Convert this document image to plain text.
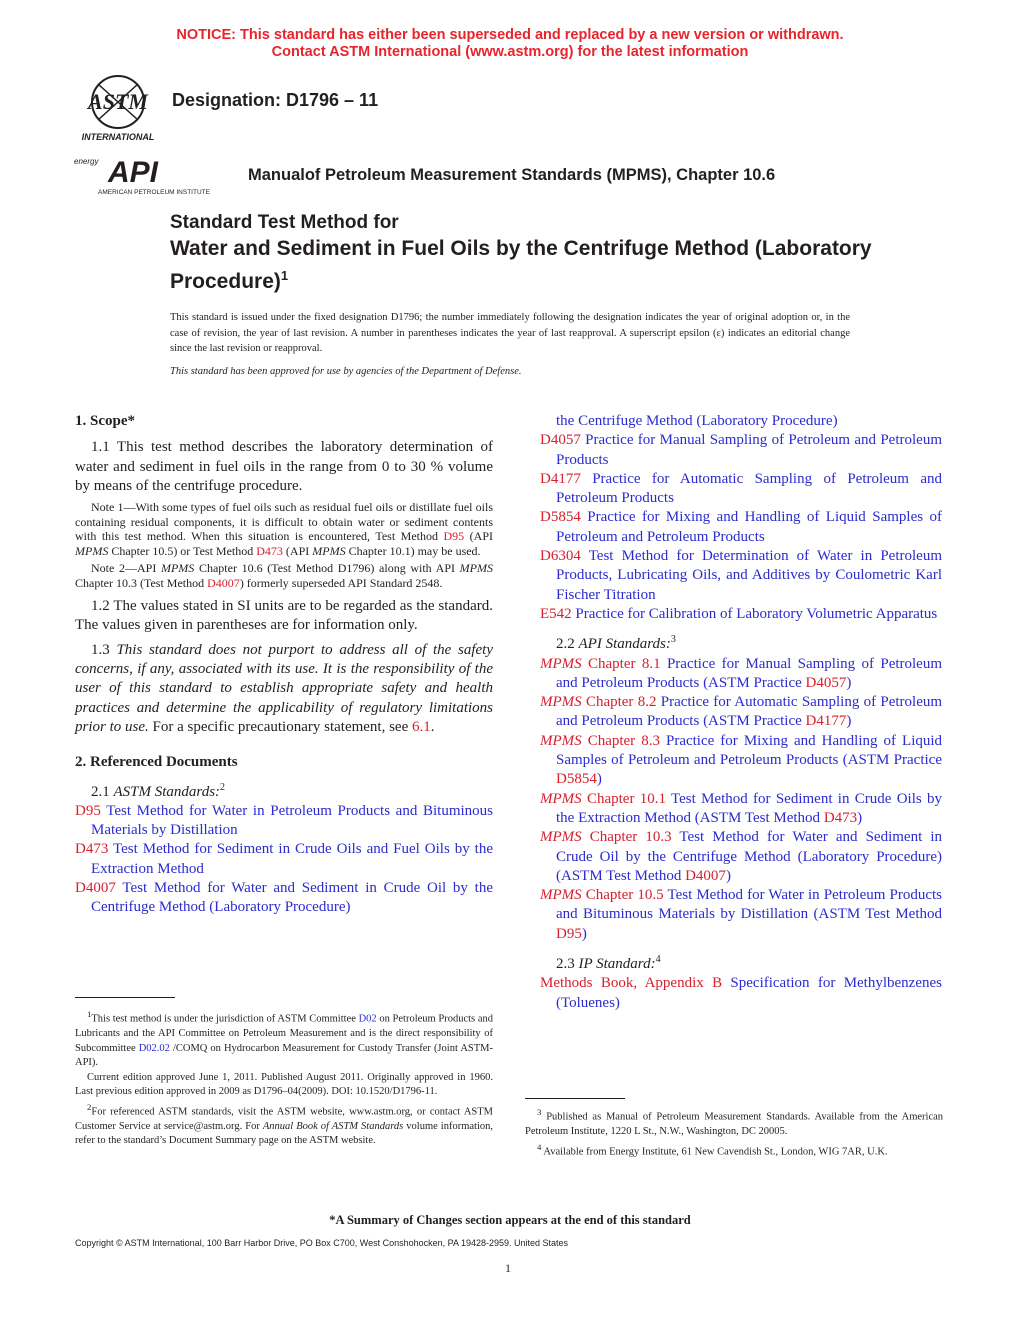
NOTICE: This standard has either been superseded and replaced by a new version or withdrawn.
Contact ASTM International (www.astm.org) for the latest information
ASTM
INTERNATIONAL
Designation: D1796 – 11
energy API
AMERICAN PETROLEUM INSTITUTE
Manualof Petroleum Measurement Standards (MPMS), Chapter 10.6
Standard Test Method for
Water and Sediment in Fuel Oils by the Centrifuge Method (Laboratory Procedure)$^1$
This standard is issued under the fixed designation D1796; the number immediately following the designation indicates the year of original adoption or, in the case of revision, the year of last revision. A number in parentheses indicates the year of last reapproval. A superscript epsilon (ε) indicates an editorial change since the last revision or reapproval.
This standard has been approved for use by agencies of the Department of Defense.

1. Scope*

1.1 This test method describes the laboratory determination of water and sediment in fuel oils in the range from 0 to 30 % volume by means of the centrifuge procedure.

Note 1—With some types of fuel oils such as residual fuel oils or distillate fuel oils containing residual components, it is difficult to obtain water or sediment contents with this test method. When this situation is encountered, Test Method D95 (API MPMS Chapter 10.5) or Test Method D473 (API MPMS Chapter 10.1) may be used.

Note 2—API MPMS Chapter 10.6 (Test Method D1796) along with API MPMS Chapter 10.3 (Test Method D4007) formerly superseded API Standard 2548.

1.2 The values stated in SI units are to be regarded as the standard. The values given in parentheses are for information only.

1.3 This standard does not purport to address all of the safety concerns, if any, associated with its use. It is the responsibility of the user of this standard to establish appropriate safety and health practices and determine the applicability of regulatory limitations prior to use. For a specific precautionary statement, see 6.1.

2. Referenced Documents

2.1 ASTM Standards:$^2$

D95 Test Method for Water in Petroleum Products and Bituminous Materials by Distillation
D473 Test Method for Sediment in Crude Oils and Fuel Oils by the Extraction Method
D4007 Test Method for Water and Sediment in Crude Oil by the Centrifuge Method (Laboratory Procedure)

$^1$This test method is under the jurisdiction of ASTM Committee D02 on Petroleum Products and Lubricants and the API Committee on Petroleum Measurement and is the direct responsibility of Subcommittee D02.02 /COMQ on Hydrocarbon Measurement for Custody Transfer (Joint ASTM-API).

Current edition approved June 1, 2011. Published August 2011. Originally approved in 1960. Last previous edition approved in 2009 as D1796–04(2009). DOI: 10.1520/D1796-11.

$^2$For referenced ASTM standards, visit the ASTM website, www.astm.org, or contact ASTM Customer Service at service@astm.org. For Annual Book of ASTM Standards volume information, refer to the standard’s Document Summary page on the ASTM website.

the Centrifuge Method (Laboratory Procedure)
D4057 Practice for Manual Sampling of Petroleum and Petroleum Products
D4177 Practice for Automatic Sampling of Petroleum and Petroleum Products
D5854 Practice for Mixing and Handling of Liquid Samples of Petroleum and Petroleum Products
D6304 Test Method for Determination of Water in Petroleum Products, Lubricating Oils, and Additives by Coulometric Karl Fischer Titration
E542 Practice for Calibration of Laboratory Volumetric Apparatus

2.2 API Standards:$^3$

MPMS Chapter 8.1 Practice for Manual Sampling of Petroleum and Petroleum Products (ASTM Practice D4057)
MPMS Chapter 8.2 Practice for Automatic Sampling of Petroleum and Petroleum Products (ASTM Practice D4177)
MPMS Chapter 8.3 Practice for Mixing and Handling of Liquid Samples of Petroleum and Petroleum Products (ASTM Practice D5854)
MPMS Chapter 10.1 Test Method for Sediment in Crude Oils by the Extraction Method (ASTM Test Method D473)
MPMS Chapter 10.3 Test Method for Water and Sediment in Crude Oil by the Centrifuge Method (Laboratory Procedure) (ASTM Test Method D4007)
MPMS Chapter 10.5 Test Method for Water in Petroleum Products and Bituminous Materials by Distillation (ASTM Test Method D95)

2.3 IP Standard:$^4$

Methods Book, Appendix B Specification for Methylbenzenes (Toluenes)

$^3$ Published as Manual of Petroleum Measurement Standards. Available from the American Petroleum Institute, 1220 L St., N.W., Washington, DC 20005.

$^4$ Available from Energy Institute, 61 New Cavendish St., London, WIG 7AR, U.K.

*A Summary of Changes section appears at the end of this standard
Copyright © ASTM International, 100 Barr Harbor Drive, PO Box C700, West Conshohocken, PA 19428-2959. United States
1
